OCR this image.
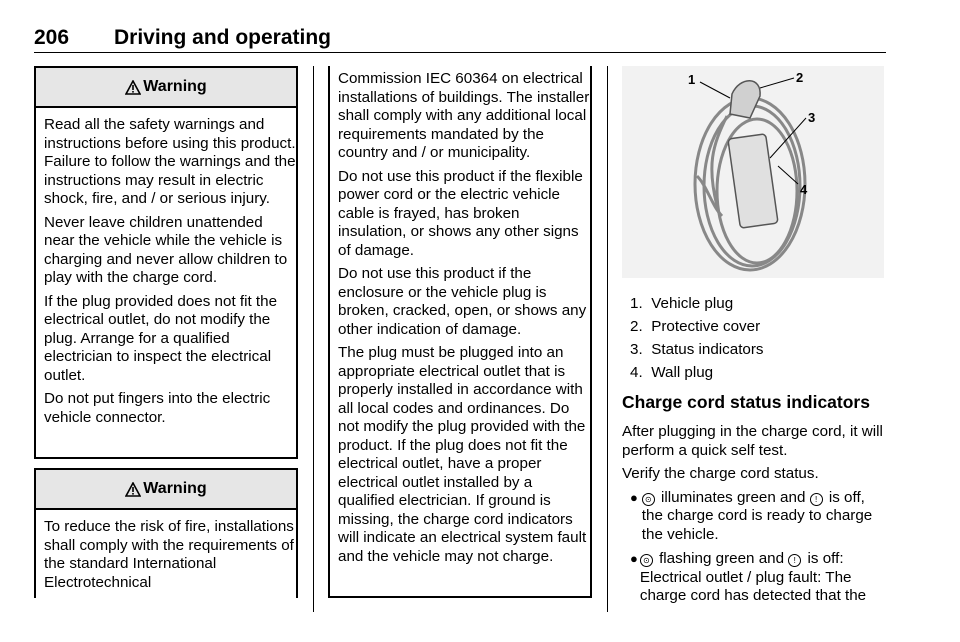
206 Driving and operating
Warning

Read all the safety warnings and instructions before using this product. Failure to follow the warnings and the instructions may result in electric shock, fire, and / or serious injury.

Never leave children unattended near the vehicle while the vehicle is charging and never allow children to play with the charge cord.

If the plug provided does not fit the electrical outlet, do not modify the plug. Arrange for a qualified electrician to inspect the electrical outlet.

Do not put fingers into the electric vehicle connector.

Warning

To reduce the risk of fire, installations shall comply with the requirements of the standard International Electrotechnical

Commission IEC 60364 on electrical installations of buildings. The installer shall comply with any additional local requirements mandated by the country and / or municipality.

Do not use this product if the flexible power cord or the electric vehicle cable is frayed, has broken insulation, or shows any other signs of damage.

Do not use this product if the enclosure or the vehicle plug is broken, cracked, open, or shows any other indication of damage.

The plug must be plugged into an appropriate electrical outlet that is properly installed in accordance with all local codes and ordinances. Do not modify the plug provided with the product. If the plug does not fit the electrical outlet, have a proper electrical outlet installed by a qualified electrician. If ground is missing, the charge cord indicators will indicate an electrical system fault and the vehicle may not charge.

1	2
3
4
1. Vehicle plug
2. Protective cover
3. Status indicators
4. Wall plug
Charge cord status indicators

After plugging in the charge cord, it will perform a quick self test.

Verify the charge cord status.

● ⊙ illuminates green and ! is off, the charge cord is ready to charge the vehicle.
● ⊙ flashing green and ! is off: Electrical outlet / plug fault: The charge cord has detected that the
